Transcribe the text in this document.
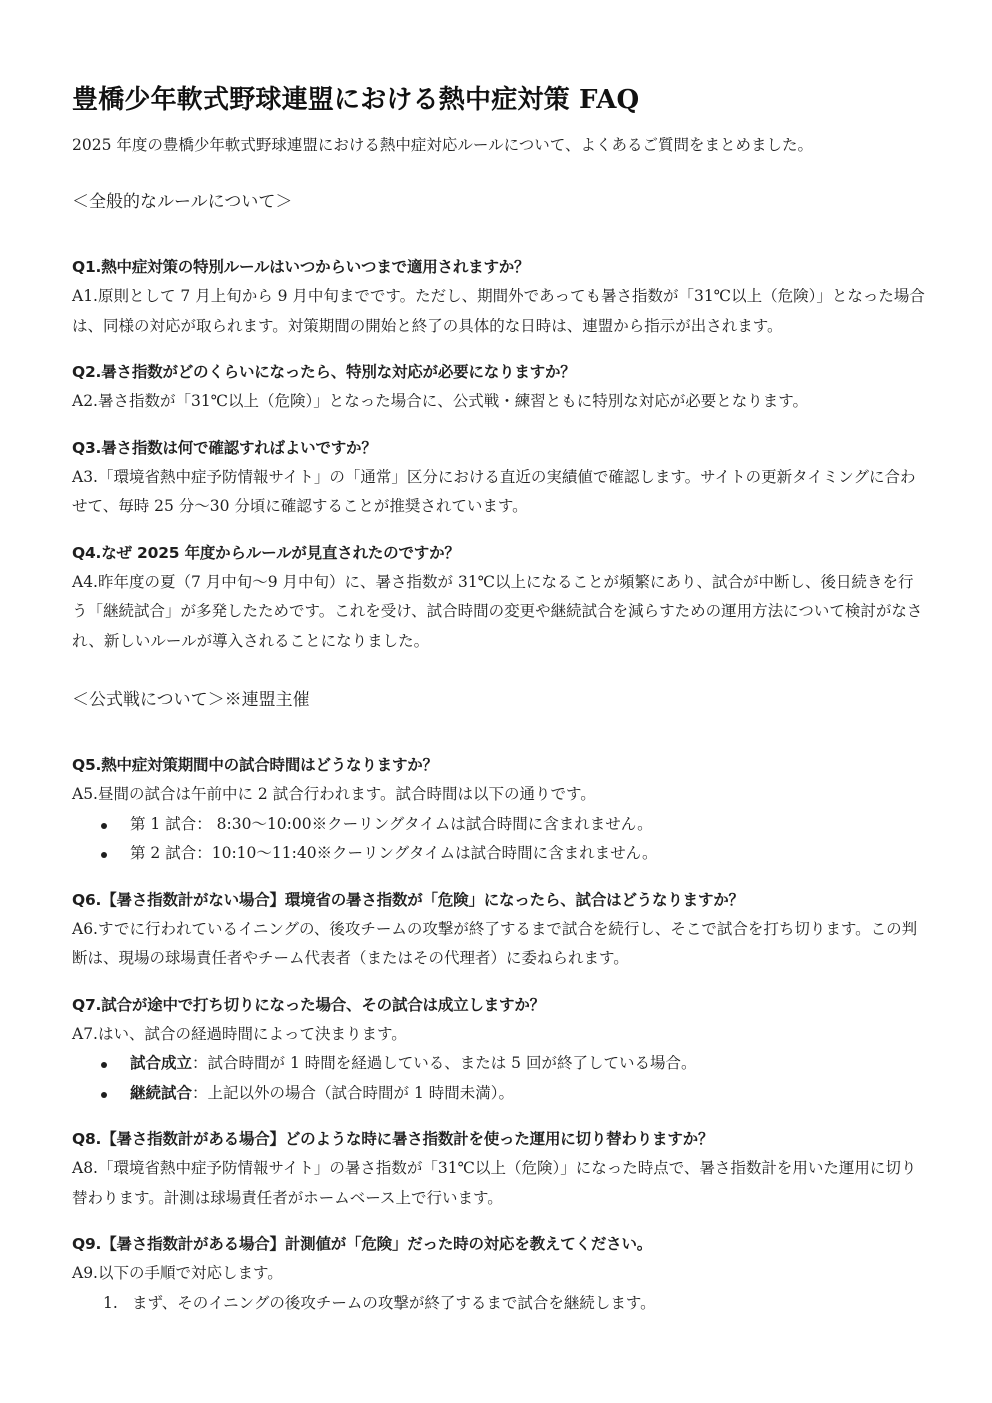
豊橋少年軟式野球連盟における熱中症対策 FAQ

2025 年度の豊橋少年軟式野球連盟における熱中症対応ルールについて、よくあるご質問をまとめました。

＜全般的なルールについて＞

Q1.熱中症対策の特別ルールはいつからいつまで適用されますか？

A1.原則として 7 月上旬から 9 月中旬までです。ただし、期間外であっても暑さ指数が「31℃以上（危険）」となった場合は、同様の対応が取られます。対策期間の開始と終了の具体的な日時は、連盟から指示が出されます。

Q2.暑さ指数がどのくらいになったら、特別な対応が必要になりますか？

A2.暑さ指数が「31℃以上（危険）」となった場合に、公式戦・練習ともに特別な対応が必要となります。

Q3.暑さ指数は何で確認すればよいですか？

A3.「環境省熱中症予防情報サイト」の「通常」区分における直近の実績値で確認します。サイトの更新タイミングに合わせて、毎時 25 分〜30 分頃に確認することが推奨されています。

Q4.なぜ 2025 年度からルールが見直されたのですか？

A4.昨年度の夏（7 月中旬〜9 月中旬）に、暑さ指数が 31℃以上になることが頻繁にあり、試合が中断し、後日続きを行う「継続試合」が多発したためです。これを受け、試合時間の変更や継続試合を減らすための運用方法について検討がなされ、新しいルールが導入されることになりました。

＜公式戦について＞※連盟主催

Q5.熱中症対策期間中の試合時間はどうなりますか？

A5.昼間の試合は午前中に 2 試合行われます。試合時間は以下の通りです。

第 1 試合： 8:30〜10:00※クーリングタイムは試合時間に含まれません。
第 2 試合：10:10〜11:40※クーリングタイムは試合時間に含まれません。

Q6.【暑さ指数計がない場合】環境省の暑さ指数が「危険」になったら、試合はどうなりますか？

A6.すでに行われているイニングの、後攻チームの攻撃が終了するまで試合を続行し、そこで試合を打ち切ります。この判断は、現場の球場責任者やチーム代表者（またはその代理者）に委ねられます。

Q7.試合が途中で打ち切りになった場合、その試合は成立しますか？

A7.はい、試合の経過時間によって決まります。

試合成立：試合時間が 1 時間を経過している、または 5 回が終了している場合。
継続試合：上記以外の場合（試合時間が 1 時間未満）。

Q8.【暑さ指数計がある場合】どのような時に暑さ指数計を使った運用に切り替わりますか？

A8.「環境省熱中症予防情報サイト」の暑さ指数が「31℃以上（危険）」になった時点で、暑さ指数計を用いた運用に切り替わります。計測は球場責任者がホームベース上で行います。

Q9.【暑さ指数計がある場合】計測値が「危険」だった時の対応を教えてください。

A9.以下の手順で対応します。

1. まず、そのイニングの後攻チームの攻撃が終了するまで試合を継続します。
